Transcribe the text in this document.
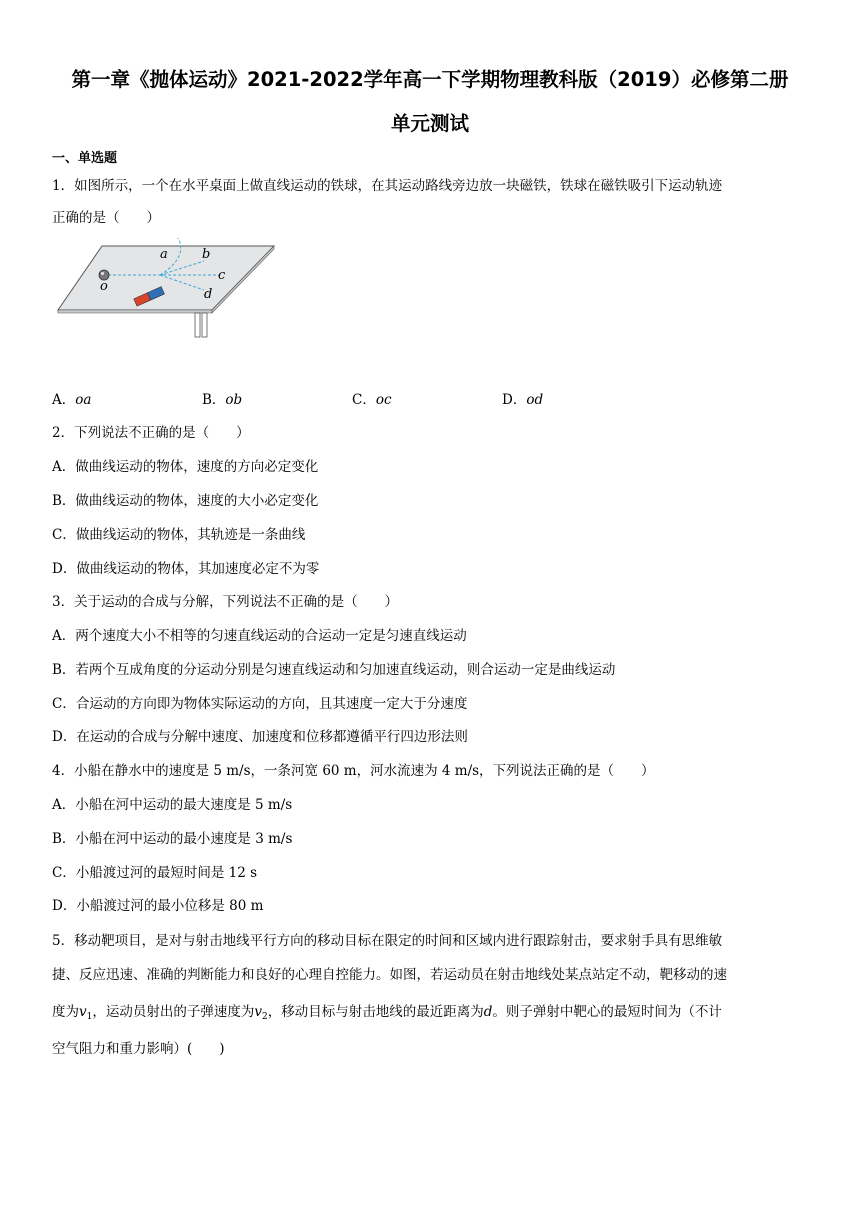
第一章《抛体运动》2021-2022学年高一下学期物理教科版（2019）必修第二册
单元测试
一、单选题
1．如图所示，一个在水平桌面上做直线运动的铁球，在其运动路线旁边放一块磁铁，铁球在磁铁吸引下运动轨迹
正确的是（　　）
o
a	b
c
d
A．oa	B．ob	C．oc	D．od
2．下列说法不正确的是（　　）
A．做曲线运动的物体，速度的方向必定变化
B．做曲线运动的物体，速度的大小必定变化
C．做曲线运动的物体，其轨迹是一条曲线
D．做曲线运动的物体，其加速度必定不为零
3．关于运动的合成与分解，下列说法不正确的是（　　）
A．两个速度大小不相等的匀速直线运动的合运动一定是匀速直线运动
B．若两个互成角度的分运动分别是匀速直线运动和匀加速直线运动，则合运动一定是曲线运动
C．合运动的方向即为物体实际运动的方向，且其速度一定大于分速度
D．在运动的合成与分解中速度、加速度和位移都遵循平行四边形法则
4．小船在静水中的速度是 5 m/s，一条河宽 60 m，河水流速为 4 m/s，下列说法正确的是（　　）
A．小船在河中运动的最大速度是 5 m/s
B．小船在河中运动的最小速度是 3 m/s
C．小船渡过河的最短时间是 12 s
D．小船渡过河的最小位移是 80 m
5．移动靶项目，是对与射击地线平行方向的移动目标在限定的时间和区域内进行跟踪射击，要求射手具有思维敏
捷、反应迅速、准确的判断能力和良好的心理自控能力。如图，若运动员在射击地线处某点站定不动，靶移动的速
度为$v_1$，运动员射出的子弹速度为$v_2$，移动目标与射击地线的最近距离为d。则子弹射中靶心的最短时间为（不计
空气阻力和重力影响）(　　)
